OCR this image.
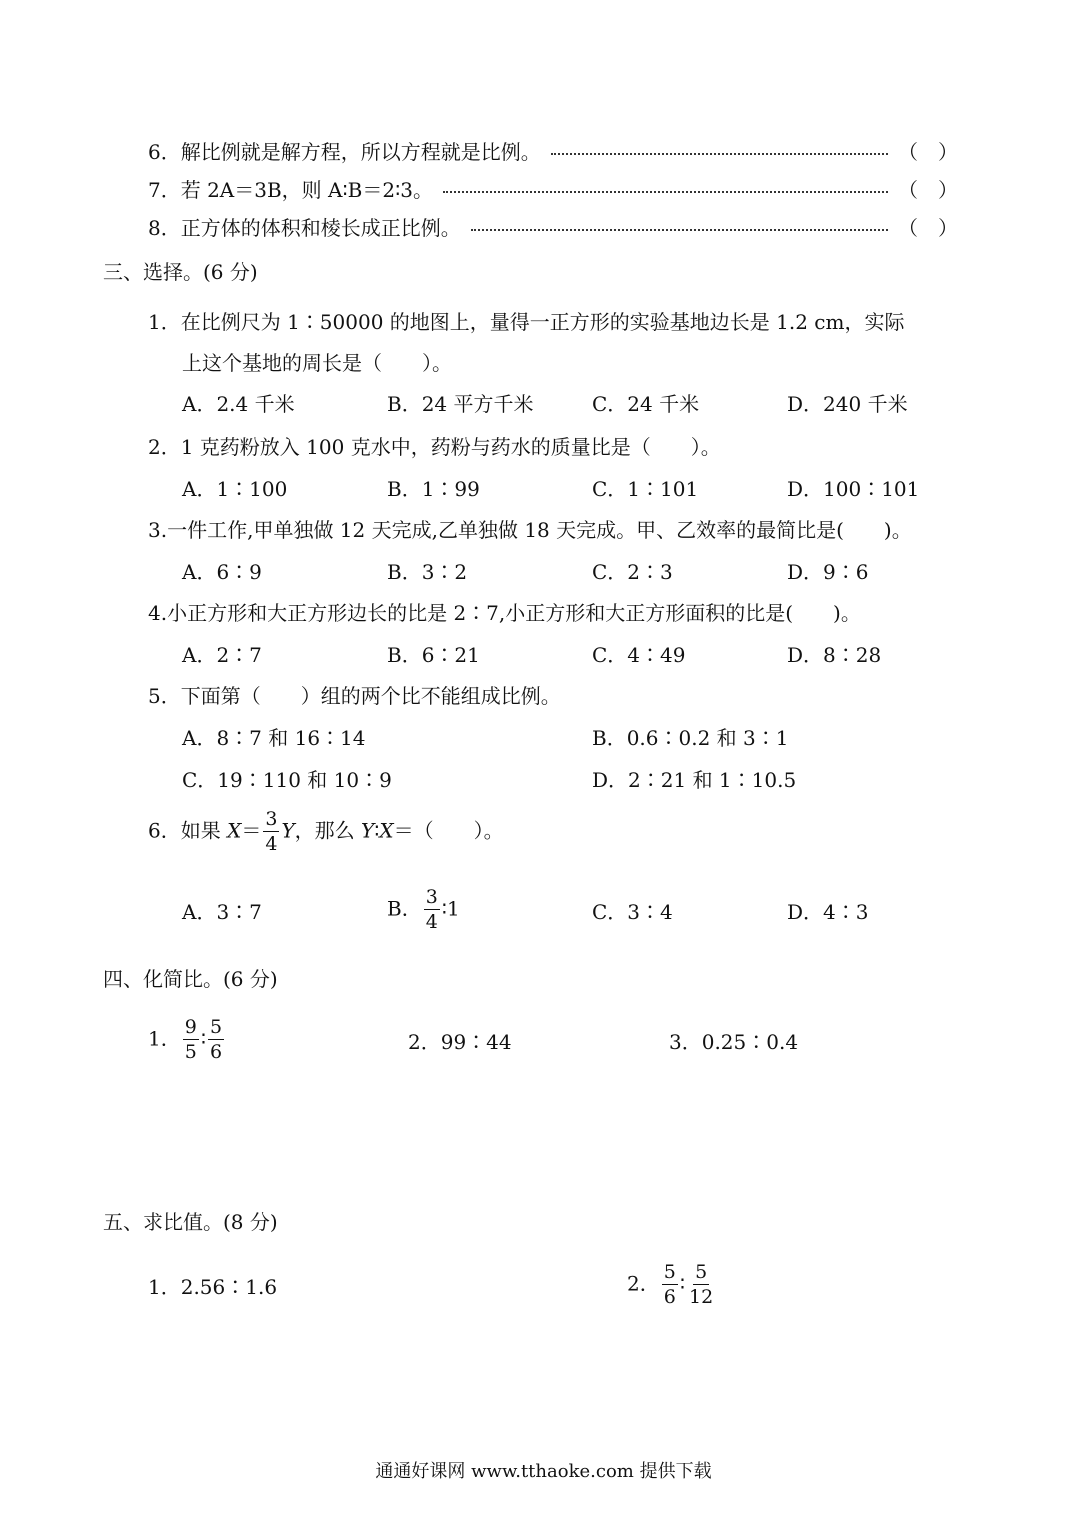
6．解比例就是解方程，所以方程就是比例。	（ ）
7．若 2A＝3B，则 A∶B＝2∶3。	（ ）
8．正方体的体积和棱长成正比例。	（ ）
三、选择。(6 分)
1．在比例尺为 1∶50000 的地图上，量得一正方形的实验基地边长是 1.2 cm，实际
上这个基地的周长是（　　）。
A．2.4 千米	B．24 平方千米	C．24 千米	D．240 千米
2．1 克药粉放入 100 克水中，药粉与药水的质量比是（　　）。
A．1∶100	B．1∶99	C．1∶101	D．100∶101
3.一件工作,甲单独做 12 天完成,乙单独做 18 天完成。甲、乙效率的最简比是(　　)。
A．6∶9	B．3∶2	C．2∶3	D．9∶6
4.小正方形和大正方形边长的比是 2∶7,小正方形和大正方形面积的比是(　　)。
A．2∶7	B．6∶21	C．4∶49	D．8∶28
5．下面第（　　）组的两个比不能组成比例。
A．8∶7 和 16∶14	B．0.6∶0.2 和 3∶1
C．19∶110 和 10∶9	D．2∶21 和 1∶10.5
6．如果 $X= \frac{3}{4}$ Y，那么 Y∶X＝（　　）。
A．3∶7	B． $\frac{3}{4}$ ∶1	C．3∶4	D．4∶3
四、化简比。(6 分)
1． $\frac{9}{5}$ ∶ $\frac{5}{6}$	2．99∶44	3．0.25∶0.4
五、求比值。(8 分)
1．2.56∶1.6	2． $\frac{5}{6}$ ∶ $\frac{5}{12}$
通通好课网 www.tthaoke.com 提供下载
